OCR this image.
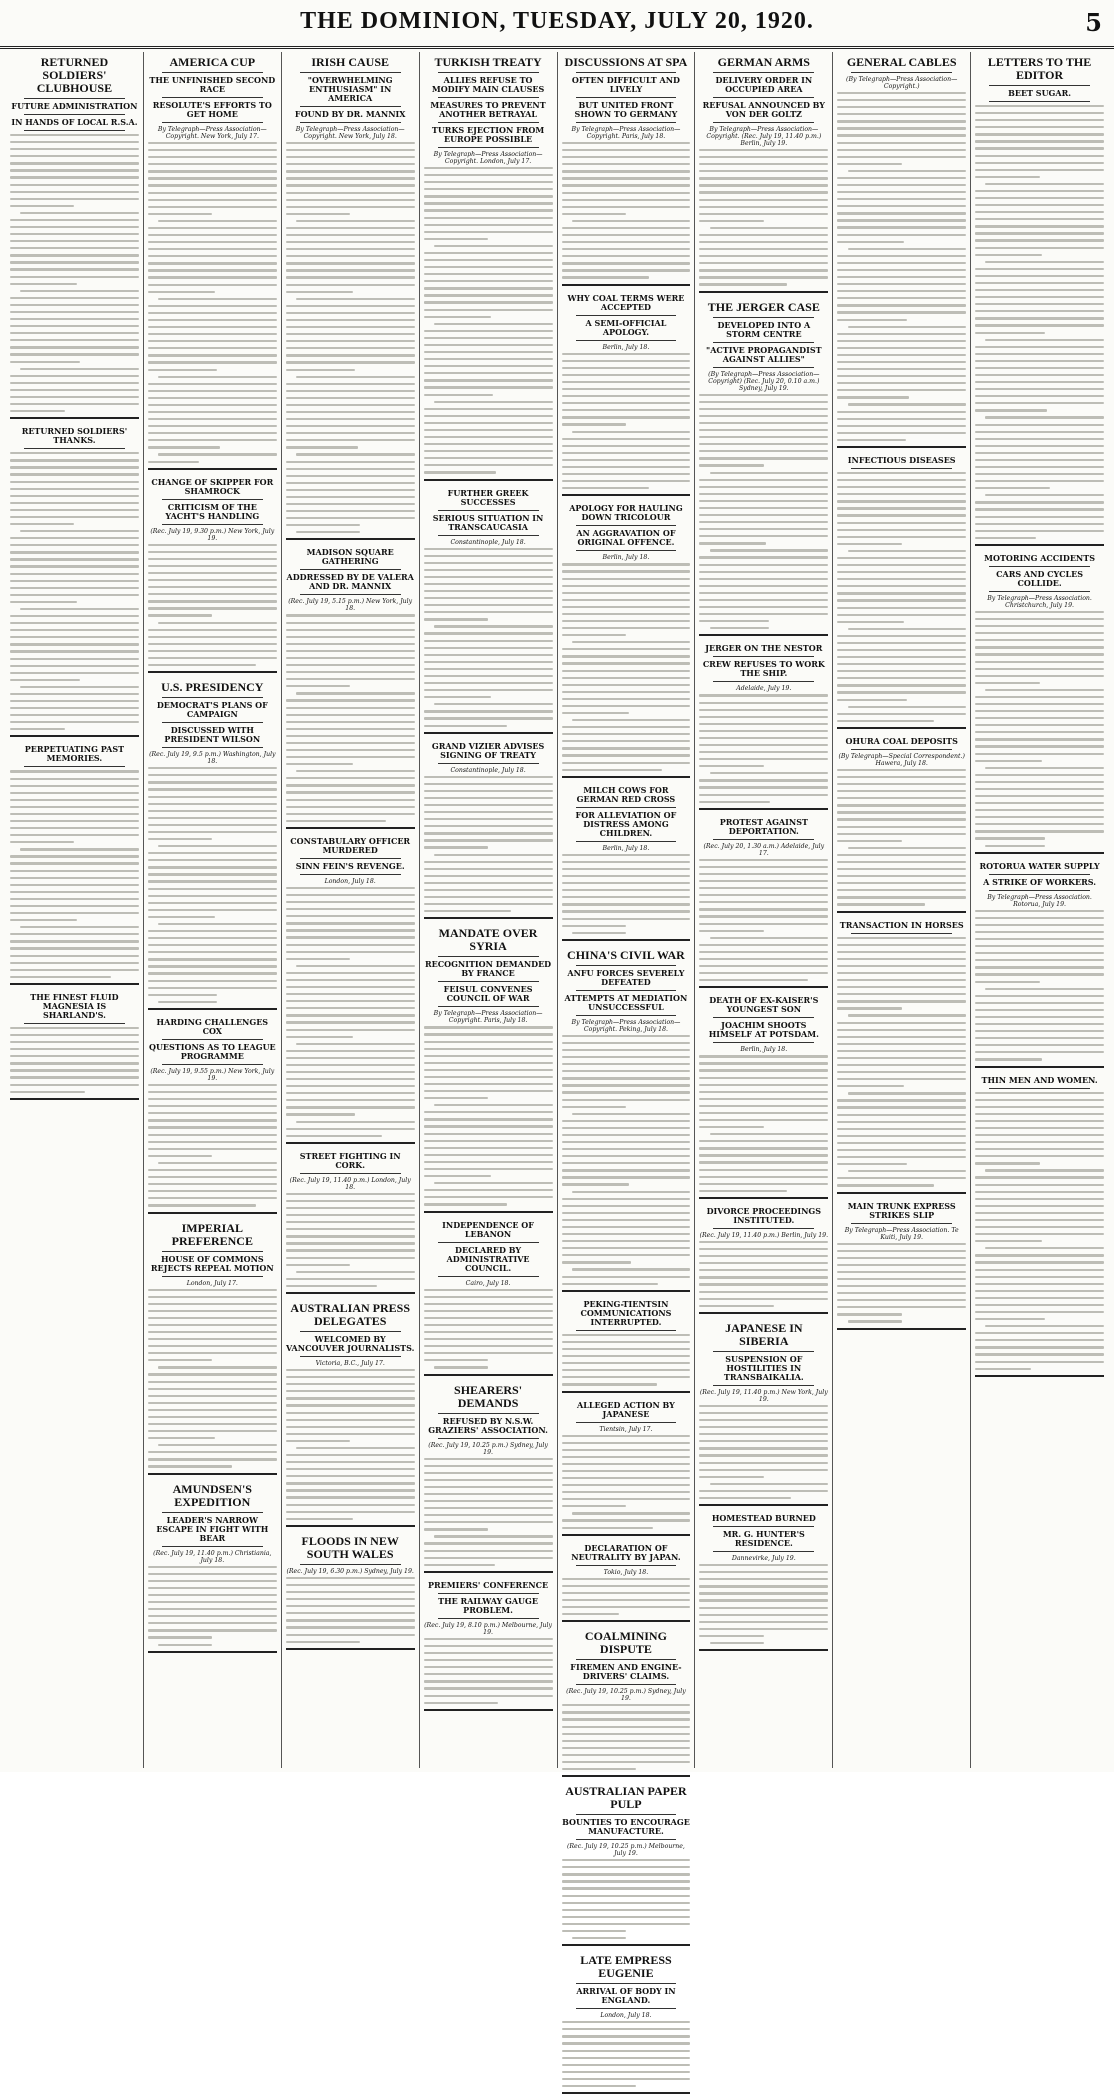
THE DOMINION, TUESDAY, JULY 20, 1920.	5
RETURNED SOLDIERS' CLUBHOUSE
FUTURE ADMINISTRATION
IN HANDS OF LOCAL R.S.A.
RETURNED SOLDIERS' THANKS.
PERPETUATING PAST MEMORIES.
THE FINEST FLUID MAGNESIA IS SHARLAND'S.
AMERICA CUP
THE UNFINISHED SECOND RACE
RESOLUTE'S EFFORTS TO GET HOME
By Telegraph—Press Association—Copyright. New York, July 17.
CHANGE OF SKIPPER FOR SHAMROCK
CRITICISM OF THE YACHT'S HANDLING
(Rec. July 19, 9.30 p.m.) New York, July 19.
U.S. PRESIDENCY
DEMOCRAT'S PLANS OF CAMPAIGN
DISCUSSED WITH PRESIDENT WILSON
(Rec. July 19, 9.5 p.m.) Washington, July 18.
HARDING CHALLENGES COX
QUESTIONS AS TO LEAGUE PROGRAMME
(Rec. July 19, 9.55 p.m.) New York, July 19.
IMPERIAL PREFERENCE
HOUSE OF COMMONS REJECTS REPEAL MOTION
London, July 17.
AMUNDSEN'S EXPEDITION
LEADER'S NARROW ESCAPE IN FIGHT WITH BEAR
(Rec. July 19, 11.40 p.m.) Christiania, July 18.
IRISH CAUSE
"OVERWHELMING ENTHUSIASM" IN AMERICA
FOUND BY DR. MANNIX
By Telegraph—Press Association—Copyright. New York, July 18.
MADISON SQUARE GATHERING
ADDRESSED BY DE VALERA AND DR. MANNIX
(Rec. July 19, 5.15 p.m.) New York, July 18.
CONSTABULARY OFFICER MURDERED
SINN FEIN'S REVENGE.
London, July 18.
STREET FIGHTING IN CORK.
(Rec. July 19, 11.40 p.m.) London, July 18.
AUSTRALIAN PRESS DELEGATES
WELCOMED BY VANCOUVER JOURNALISTS.
Victoria, B.C., July 17.
FLOODS IN NEW SOUTH WALES
(Rec. July 19, 6.30 p.m.) Sydney, July 19.
TURKISH TREATY
ALLIES REFUSE TO MODIFY MAIN CLAUSES
MEASURES TO PREVENT ANOTHER BETRAYAL
TURKS EJECTION FROM EUROPE POSSIBLE
By Telegraph—Press Association—Copyright. London, July 17.
FURTHER GREEK SUCCESSES
SERIOUS SITUATION IN TRANSCAUCASIA
Constantinople, July 18.
GRAND VIZIER ADVISES SIGNING OF TREATY
Constantinople, July 18.
MANDATE OVER SYRIA
RECOGNITION DEMANDED BY FRANCE
FEISUL CONVENES COUNCIL OF WAR
By Telegraph—Press Association—Copyright. Paris, July 18.
INDEPENDENCE OF LEBANON
DECLARED BY ADMINISTRATIVE COUNCIL.
Cairo, July 18.
SHEARERS' DEMANDS
REFUSED BY N.S.W. GRAZIERS' ASSOCIATION.
(Rec. July 19, 10.25 p.m.) Sydney, July 19.
PREMIERS' CONFERENCE
THE RAILWAY GAUGE PROBLEM.
(Rec. July 19, 8.10 p.m.) Melbourne, July 19.
DISCUSSIONS AT SPA
OFTEN DIFFICULT AND LIVELY
BUT UNITED FRONT SHOWN TO GERMANY
By Telegraph—Press Association—Copyright. Paris, July 18.
WHY COAL TERMS WERE ACCEPTED
A SEMI-OFFICIAL APOLOGY.
Berlin, July 18.
APOLOGY FOR HAULING DOWN TRICOLOUR
AN AGGRAVATION OF ORIGINAL OFFENCE.
Berlin, July 18.
MILCH COWS FOR GERMAN RED CROSS
FOR ALLEVIATION OF DISTRESS AMONG CHILDREN.
Berlin, July 18.
CHINA'S CIVIL WAR
ANFU FORCES SEVERELY DEFEATED
ATTEMPTS AT MEDIATION UNSUCCESSFUL
By Telegraph—Press Association—Copyright. Peking, July 18.
PEKING-TIENTSIN COMMUNICATIONS INTERRUPTED.
ALLEGED ACTION BY JAPANESE
Tientsin, July 17.
DECLARATION OF NEUTRALITY BY JAPAN.
Tokio, July 18.
COALMINING DISPUTE
FIREMEN AND ENGINE-DRIVERS' CLAIMS.
(Rec. July 19, 10.25 p.m.) Sydney, July 19.
AUSTRALIAN PAPER PULP
BOUNTIES TO ENCOURAGE MANUFACTURE.
(Rec. July 19, 10.25 p.m.) Melbourne, July 19.
LATE EMPRESS EUGENIE
ARRIVAL OF BODY IN ENGLAND.
London, July 18.
GERMAN ARMS
DELIVERY ORDER IN OCCUPIED AREA
REFUSAL ANNOUNCED BY VON DER GOLTZ
By Telegraph—Press Association—Copyright. (Rec. July 19, 11.40 p.m.) Berlin, July 19.
THE JERGER CASE
DEVELOPED INTO A STORM CENTRE
"ACTIVE PROPAGANDIST AGAINST ALLIES"
(By Telegraph—Press Association—Copyright) (Rec. July 20, 0.10 a.m.) Sydney, July 19.
JERGER ON THE NESTOR
CREW REFUSES TO WORK THE SHIP.
Adelaide, July 19.
PROTEST AGAINST DEPORTATION.
(Rec. July 20, 1.30 a.m.) Adelaide, July 17.
DEATH OF EX-KAISER'S YOUNGEST SON
JOACHIM SHOOTS HIMSELF AT POTSDAM.
Berlin, July 18.
DIVORCE PROCEEDINGS INSTITUTED.
(Rec. July 19, 11.40 p.m.) Berlin, July 19.
JAPANESE IN SIBERIA
SUSPENSION OF HOSTILITIES IN TRANSBAIKALIA.
(Rec. July 19, 11.40 p.m.) New York, July 19.
HOMESTEAD BURNED
MR. G. HUNTER'S RESIDENCE.
Dannevirke, July 19.
GENERAL CABLES
(By Telegraph—Press Association—Copyright.)
INFECTIOUS DISEASES
OHURA COAL DEPOSITS
(By Telegraph—Special Correspondent.) Hawera, July 18.
TRANSACTION IN HORSES
MAIN TRUNK EXPRESS STRIKES SLIP
By Telegraph—Press Association. Te Kuiti, July 19.
LETTERS TO THE EDITOR
BEET SUGAR.
MOTORING ACCIDENTS
CARS AND CYCLES COLLIDE.
By Telegraph—Press Association. Christchurch, July 19.
ROTORUA WATER SUPPLY
A STRIKE OF WORKERS.
By Telegraph—Press Association. Rotorua, July 19.
THIN MEN AND WOMEN.
